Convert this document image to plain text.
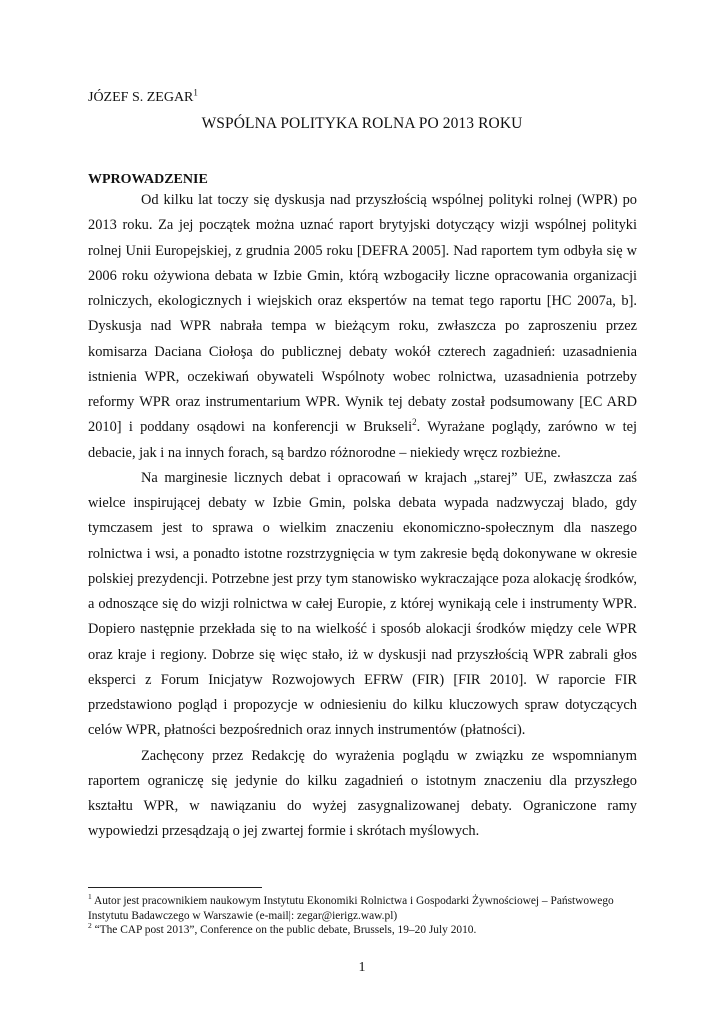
JÓZEF S. ZEGAR$^1$
WSPÓLNA POLITYKA ROLNA PO 2013 ROKU
WPROWADZENIE

Od kilku lat toczy się dyskusja nad przyszłością wspólnej polityki rolnej (WPR) po 2013 roku. Za jej początek można uznać raport brytyjski dotyczący wizji wspólnej polityki rolnej Unii Europejskiej, z grudnia 2005 roku [DEFRA 2005]. Nad raportem tym odbyła się w 2006 roku ożywiona debata w Izbie Gmin, którą wzbogaciły liczne opracowania organizacji rolniczych, ekologicznych i wiejskich oraz ekspertów na temat tego raportu [HC 2007a, b]. Dyskusja nad WPR nabrała tempa w bieżącym roku, zwłaszcza po zaproszeniu przez komisarza Daciana Ciołoşa do publicznej debaty wokół czterech zagadnień: uzasadnienia istnienia WPR, oczekiwań obywateli Wspólnoty wobec rolnictwa, uzasadnienia potrzeby reformy WPR oraz instrumentarium WPR. Wynik tej debaty został podsumowany [EC ARD 2010] i poddany osądowi na konferencji w Brukseli$^2$. Wyrażane poglądy, zarówno w tej debacie, jak i na innych forach, są bardzo różnorodne – niekiedy wręcz rozbieżne.

Na marginesie licznych debat i opracowań w krajach „starej” UE, zwłaszcza zaś wielce inspirującej debaty w Izbie Gmin, polska debata wypada nadzwyczaj blado, gdy tymczasem jest to sprawa o wielkim znaczeniu ekonomiczno-społecznym dla naszego rolnictwa i wsi, a ponadto istotne rozstrzygnięcia w tym zakresie będą dokonywane w okresie polskiej prezydencji. Potrzebne jest przy tym stanowisko wykraczające poza alokację środków, a odnoszące się do wizji rolnictwa w całej Europie, z której wynikają cele i instrumenty WPR. Dopiero następnie przekłada się to na wielkość i sposób alokacji środków między cele WPR oraz kraje i regiony. Dobrze się więc stało, iż w dyskusji nad przyszłością WPR zabrali głos eksperci z Forum Inicjatyw Rozwojowych EFRW (FIR) [FIR 2010]. W raporcie FIR przedstawiono pogląd i propozycje w odniesieniu do kilku kluczowych spraw dotyczących celów WPR, płatności bezpośrednich oraz innych instrumentów (płatności).

Zachęcony przez Redakcję do wyrażenia poglądu w związku ze wspomnianym raportem ograniczę się jedynie do kilku zagadnień o istotnym znaczeniu dla przyszłego kształtu WPR, w nawiązaniu do wyżej zasygnalizowanej debaty. Ograniczone ramy wypowiedzi przesądzają o jej zwartej formie i skrótach myślowych.

$^1$ Autor jest pracownikiem naukowym Instytutu Ekonomiki Rolnictwa i Gospodarki Żywnościowej – Państwowego Instytutu Badawczego w Warszawie (e-mail|: zegar@ierigz.waw.pl)
$^2$ “The CAP post 2013”, Conference on the public debate, Brussels, 19–20 July 2010.
1
